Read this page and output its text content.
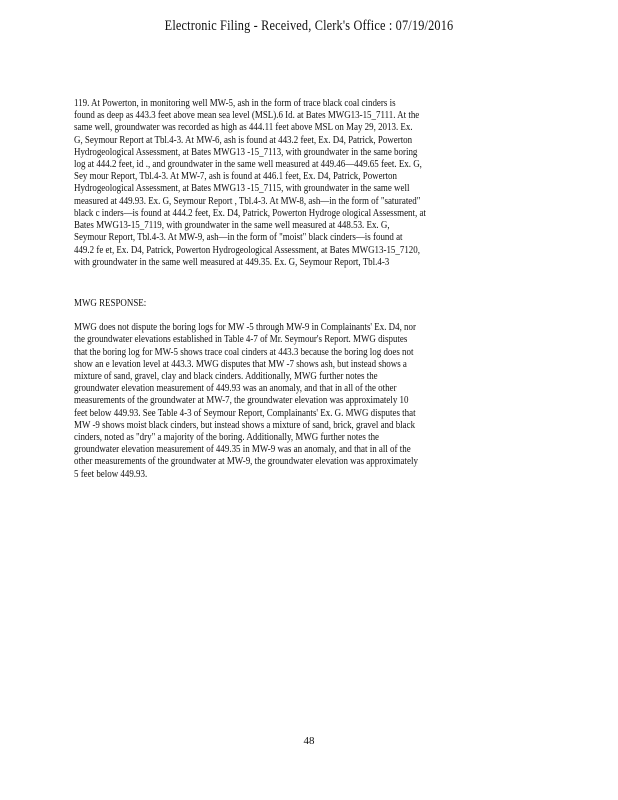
Electronic Filing - Received, Clerk's Office : 07/19/2016
119. At Powerton, in monitoring well MW-5, ash in the form of trace black coal cinders is
found as deep as 443.3 feet above mean sea level (MSL).6 Id. at Bates MWG13-15_7111. At the
same well, groundwater was recorded as high as 444.11 feet above MSL on May 29, 2013. Ex.
G, Seymour Report at Tbl.4-3. At MW-6, ash is found at 443.2 feet, Ex. D4, Patrick, Powerton
Hydrogeological Assessment, at Bates MWG13 -15_7113, with groundwater in the same boring
log at 444.2 feet, id ., and groundwater in the same well measured at 449.46—449.65 feet. Ex. G,
Sey mour Report, Tbl.4-3. At MW-7, ash is found at 446.1 feet, Ex. D4, Patrick, Powerton
Hydrogeological Assessment, at Bates MWG13 -15_7115, with groundwater in the same well
measured at 449.93. Ex. G, Seymour Report , Tbl.4-3. At MW-8, ash—in the form of "saturated"
black c inders—is found at 444.2 feet, Ex. D4, Patrick, Powerton Hydroge ological Assessment, at
Bates MWG13-15_7119, with groundwater in the same well measured at 448.53. Ex. G,
Seymour Report, Tbl.4-3. At MW-9, ash—in the form of "moist" black cinders—is found at
449.2 fe et, Ex. D4, Patrick, Powerton Hydrogeological Assessment, at Bates MWG13-15_7120,
with groundwater in the same well measured at 449.35. Ex. G, Seymour Report, Tbl.4-3
MWG RESPONSE:
MWG does not dispute the boring logs for MW -5 through MW-9 in Complainants' Ex. D4, nor
the groundwater elevations established in Table 4-7 of Mr. Seymour's Report. MWG disputes
that the boring log for MW-5 shows trace coal cinders at 443.3 because the boring log does not
show an e levation level at 443.3. MWG disputes that MW -7 shows ash, but instead shows a
mixture of sand, gravel, clay and black cinders. Additionally, MWG further notes the
groundwater elevation measurement of 449.93 was an anomaly, and that in all of the other
measurements of the groundwater at MW-7, the groundwater elevation was approximately 10
feet below 449.93. See Table 4-3 of Seymour Report, Complainants' Ex. G. MWG disputes that
MW -9 shows moist black cinders, but instead shows a mixture of sand, brick, gravel and black
cinders, noted as "dry" a majority of the boring. Additionally, MWG further notes the
groundwater elevation measurement of 449.35 in MW-9 was an anomaly, and that in all of the
other measurements of the groundwater at MW-9, the groundwater elevation was approximately
5 feet below 449.93.
48
